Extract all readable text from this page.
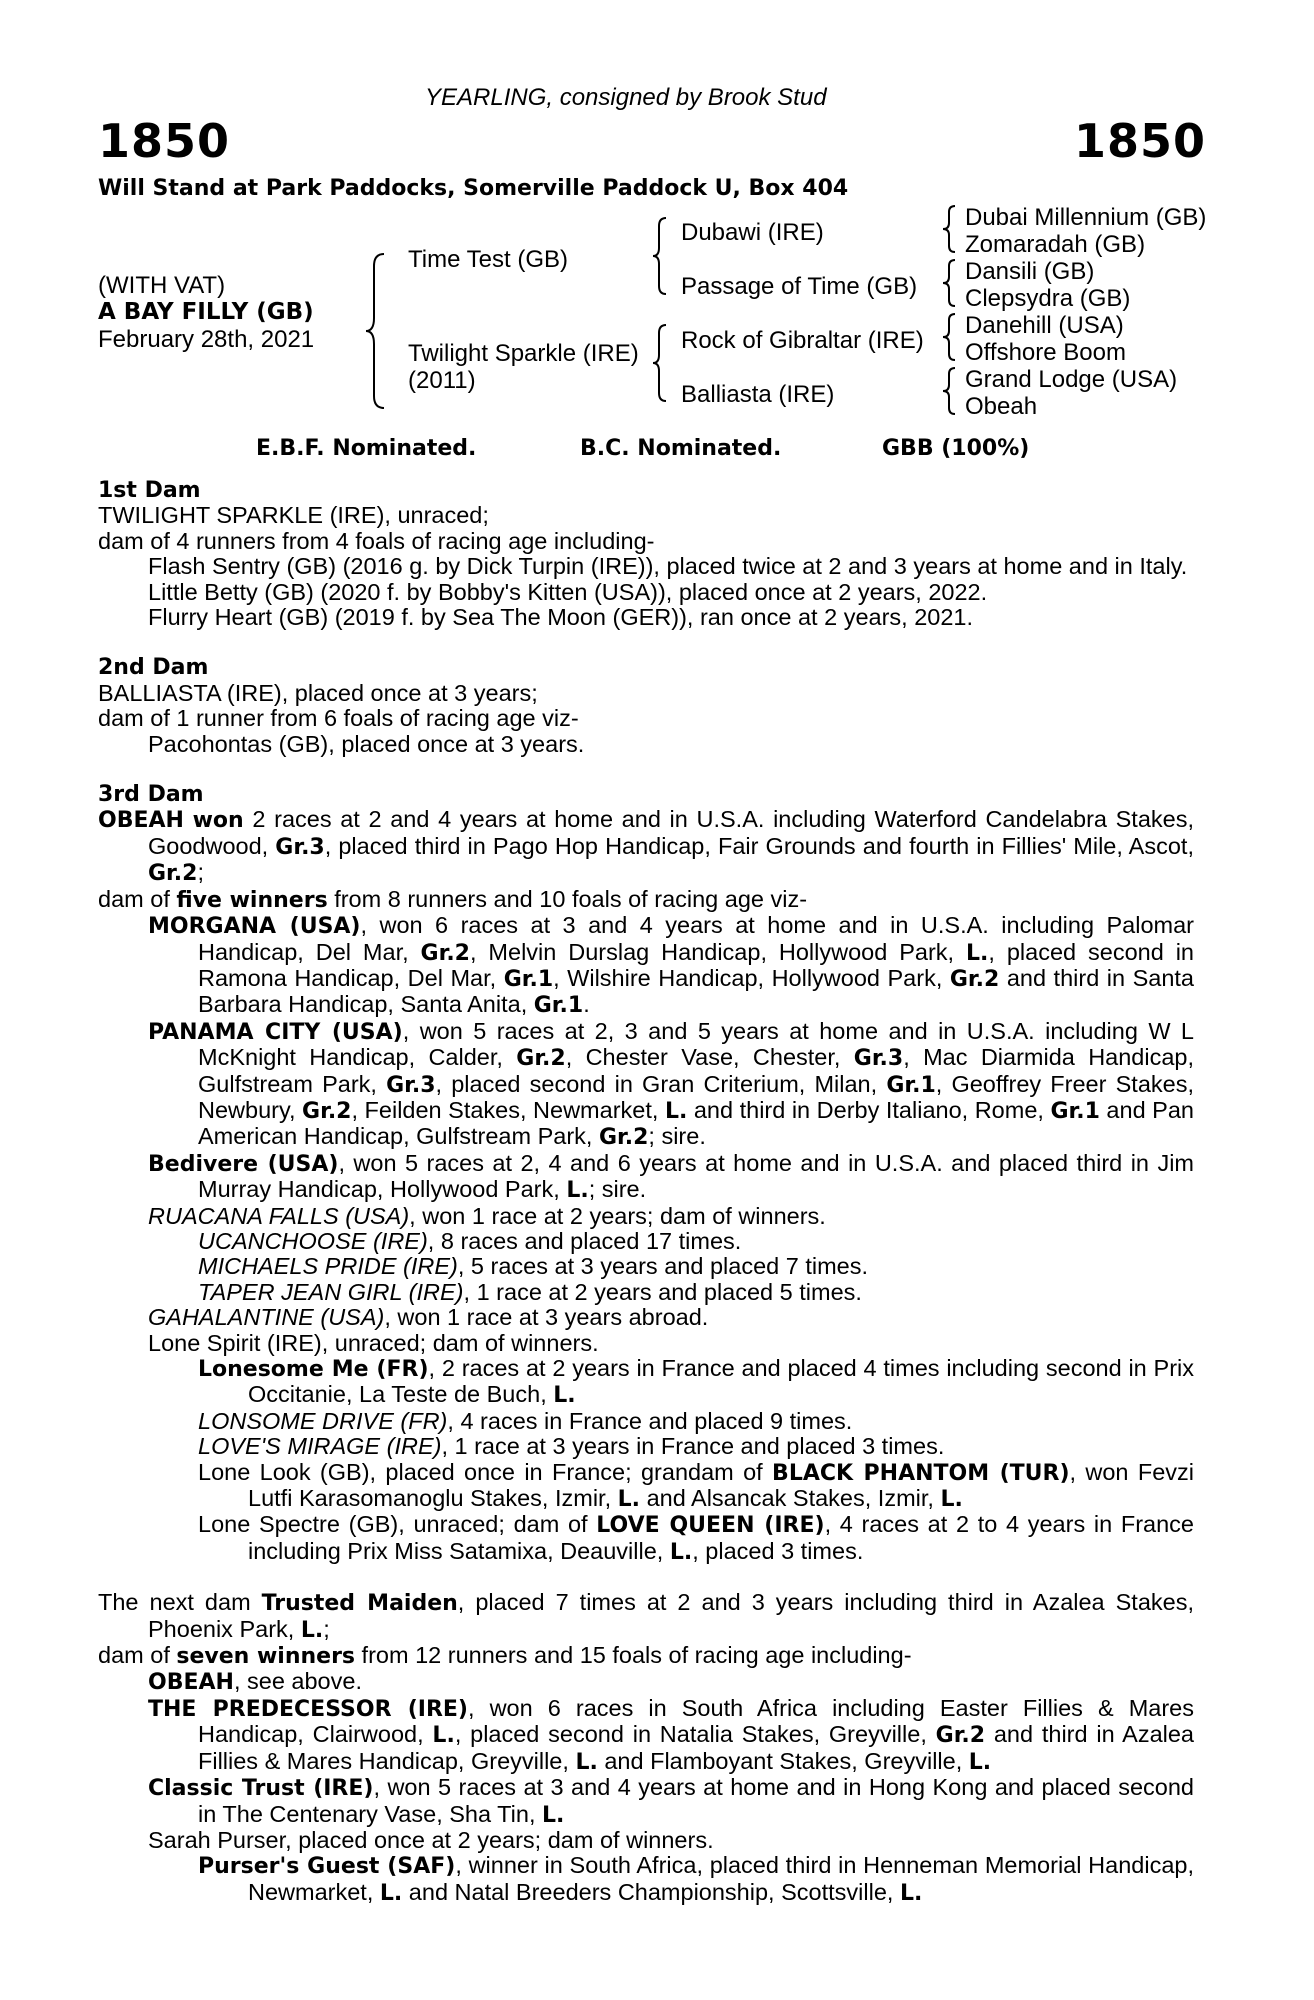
YEARLING, consigned by Brook Stud
1850	1850
Will Stand at Park Paddocks, Somerville Paddock U, Box 404
(WITH VAT)
A BAY FILLY (GB)
February 28th, 2021
Time Test (GB)
Twilight Sparkle (IRE)
(2011)
Dubawi (IRE)
Passage of Time (GB)
Rock of Gibraltar (IRE)
Balliasta (IRE)
Dubai Millennium (GB)
Zomaradah (GB)
Dansili (GB)
Clepsydra (GB)
Danehill (USA)
Offshore Boom
Grand Lodge (USA)
Obeah
E.B.F. Nominated.	B.C. Nominated.	GBB (100%)
1st Dam

TWILIGHT SPARKLE (IRE), unraced;

dam of 4 runners from 4 foals of racing age including-

Flash Sentry (GB) (2016 g. by Dick Turpin (IRE)), placed twice at 2 and 3 years at home and in Italy.

Little Betty (GB) (2020 f. by Bobby's Kitten (USA)), placed once at 2 years, 2022.

Flurry Heart (GB) (2019 f. by Sea The Moon (GER)), ran once at 2 years, 2021.

2nd Dam

BALLIASTA (IRE), placed once at 3 years;

dam of 1 runner from 6 foals of racing age viz-

Pacohontas (GB), placed once at 3 years.

3rd Dam

OBEAH won 2 races at 2 and 4 years at home and in U.S.A. including Waterford Candelabra Stakes, Goodwood, Gr.3, placed third in Pago Hop Handicap, Fair Grounds and fourth in Fillies' Mile, Ascot, Gr.2;

dam of five winners from 8 runners and 10 foals of racing age viz-

MORGANA (USA), won 6 races at 3 and 4 years at home and in U.S.A. including Palomar Handicap, Del Mar, Gr.2, Melvin Durslag Handicap, Hollywood Park, L., placed second in Ramona Handicap, Del Mar, Gr.1, Wilshire Handicap, Hollywood Park, Gr.2 and third in Santa Barbara Handicap, Santa Anita, Gr.1.

PANAMA CITY (USA), won 5 races at 2, 3 and 5 years at home and in U.S.A. including W L McKnight Handicap, Calder, Gr.2, Chester Vase, Chester, Gr.3, Mac Diarmida Handicap, Gulfstream Park, Gr.3, placed second in Gran Criterium, Milan, Gr.1, Geoffrey Freer Stakes, Newbury, Gr.2, Feilden Stakes, Newmarket, L. and third in Derby Italiano, Rome, Gr.1 and Pan American Handicap, Gulfstream Park, Gr.2; sire.

Bedivere (USA), won 5 races at 2, 4 and 6 years at home and in U.S.A. and placed third in Jim Murray Handicap, Hollywood Park, L.; sire.

RUACANA FALLS (USA), won 1 race at 2 years; dam of winners.

UCANCHOOSE (IRE), 8 races and placed 17 times.

MICHAELS PRIDE (IRE), 5 races at 3 years and placed 7 times.

TAPER JEAN GIRL (IRE), 1 race at 2 years and placed 5 times.

GAHALANTINE (USA), won 1 race at 3 years abroad.

Lone Spirit (IRE), unraced; dam of winners.

Lonesome Me (FR), 2 races at 2 years in France and placed 4 times including second in Prix Occitanie, La Teste de Buch, L.

LONSOME DRIVE (FR), 4 races in France and placed 9 times.

LOVE'S MIRAGE (IRE), 1 race at 3 years in France and placed 3 times.

Lone Look (GB), placed once in France; grandam of BLACK PHANTOM (TUR), won Fevzi Lutfi Karasomanoglu Stakes, Izmir, L. and Alsancak Stakes, Izmir, L.

Lone Spectre (GB), unraced; dam of LOVE QUEEN (IRE), 4 races at 2 to 4 years in France including Prix Miss Satamixa, Deauville, L., placed 3 times.

The next dam Trusted Maiden, placed 7 times at 2 and 3 years including third in Azalea Stakes, Phoenix Park, L.;

dam of seven winners from 12 runners and 15 foals of racing age including-

OBEAH, see above.

THE PREDECESSOR (IRE), won 6 races in South Africa including Easter Fillies & Mares Handicap, Clairwood, L., placed second in Natalia Stakes, Greyville, Gr.2 and third in Azalea Fillies & Mares Handicap, Greyville, L. and Flamboyant Stakes, Greyville, L.

Classic Trust (IRE), won 5 races at 3 and 4 years at home and in Hong Kong and placed second in The Centenary Vase, Sha Tin, L.

Sarah Purser, placed once at 2 years; dam of winners.

Purser's Guest (SAF), winner in South Africa, placed third in Henneman Memorial Handicap, Newmarket, L. and Natal Breeders Championship, Scottsville, L.
